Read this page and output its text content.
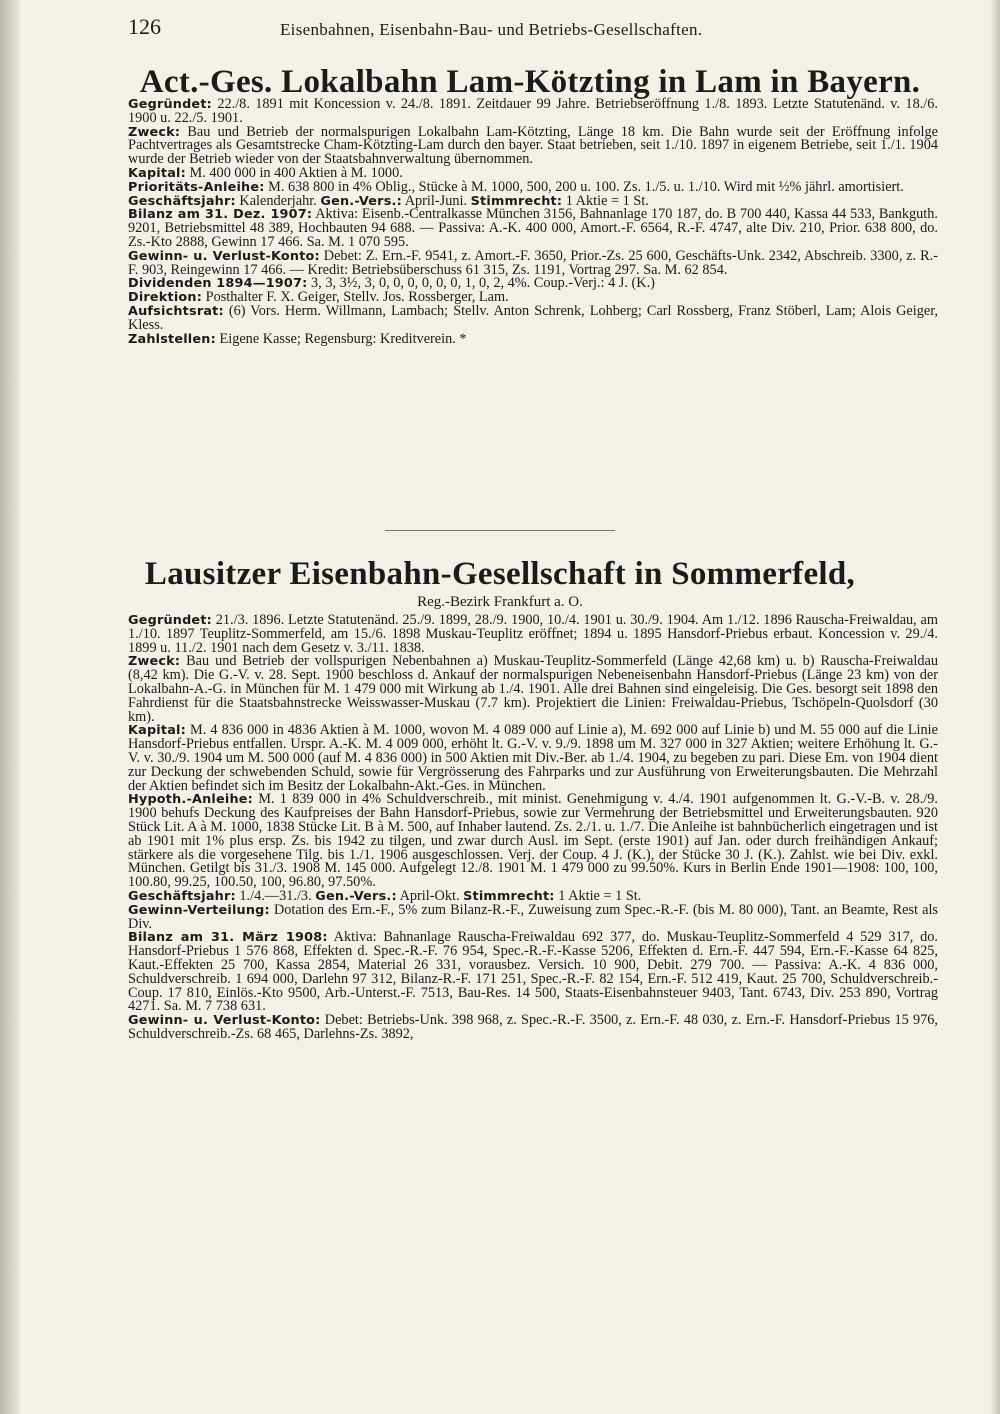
126	Eisenbahnen, Eisenbahn-Bau- und Betriebs-Gesellschaften.
Act.-Ges. Lokalbahn Lam-Kötzting in Lam in Bayern.
Gegründet: 22./8. 1891 mit Koncession v. 24./8. 1891. Zeitdauer 99 Jahre. Betriebseröffnung 1./8. 1893. Letzte Statutenänd. v. 18./6. 1900 u. 22./5. 1901.
Zweck: Bau und Betrieb der normalspurigen Lokalbahn Lam-Kötzting, Länge 18 km. Die Bahn wurde seit der Eröffnung infolge Pachtvertrages als Gesamtstrecke Cham-Kötzting-Lam durch den bayer. Staat betrieben, seit 1./10. 1897 in eigenem Betriebe, seit 1./1. 1904 wurde der Betrieb wieder von der Staatsbahnverwaltung übernommen.
Kapital: M. 400 000 in 400 Aktien à M. 1000.
Prioritäts-Anleihe: M. 638 800 in 4% Oblig., Stücke à M. 1000, 500, 200 u. 100. Zs. 1./5. u. 1./10. Wird mit ½% jährl. amortisiert.
Geschäftsjahr: Kalenderjahr. Gen.-Vers.: April-Juni. Stimmrecht: 1 Aktie = 1 St.
Bilanz am 31. Dez. 1907: Aktiva: Eisenb.-Centralkasse München 3156, Bahnanlage 170 187, do. B 700 440, Kassa 44 533, Bankguth. 9201, Betriebsmittel 48 389, Hochbauten 94 688. — Passiva: A.-K. 400 000, Amort.-F. 6564, R.-F. 4747, alte Div. 210, Prior. 638 800, do. Zs.-Kto 2888, Gewinn 17 466. Sa. M. 1 070 595.
Gewinn- u. Verlust-Konto: Debet: Z. Ern.-F. 9541, z. Amort.-F. 3650, Prior.-Zs. 25 600, Geschäfts-Unk. 2342, Abschreib. 3300, z. R.-F. 903, Reingewinn 17 466. — Kredit: Betriebsüberschuss 61 315, Zs. 1191, Vortrag 297. Sa. M. 62 854.
Dividenden 1894—1907: 3, 3, 3½, 3, 0, 0, 0, 0, 0, 0, 1, 0, 2, 4%. Coup.-Verj.: 4 J. (K.)
Direktion: Posthalter F. X. Geiger, Stellv. Jos. Rossberger, Lam.
Aufsichtsrat: (6) Vors. Herm. Willmann, Lambach; Stellv. Anton Schrenk, Lohberg; Carl Rossberg, Franz Stöberl, Lam; Alois Geiger, Kless.
Zahlstellen: Eigene Kasse; Regensburg: Kreditverein. *
Lausitzer Eisenbahn-Gesellschaft in Sommerfeld,
Reg.-Bezirk Frankfurt a. O.
Gegründet: 21./3. 1896. Letzte Statutenänd. 25./9. 1899, 28./9. 1900, 10./4. 1901 u. 30./9. 1904. Am 1./12. 1896 Rauscha-Freiwaldau, am 1./10. 1897 Teuplitz-Sommerfeld, am 15./6. 1898 Muskau-Teuplitz eröffnet; 1894 u. 1895 Hansdorf-Priebus erbaut. Koncession v. 29./4. 1899 u. 11./2. 1901 nach dem Gesetz v. 3./11. 1838.
Zweck: Bau und Betrieb der vollspurigen Nebenbahnen a) Muskau-Teuplitz-Sommerfeld (Länge 42,68 km) u. b) Rauscha-Freiwaldau (8,42 km). Die G.-V. v. 28. Sept. 1900 beschloss d. Ankauf der normalspurigen Nebeneisenbahn Hansdorf-Priebus (Länge 23 km) von der Lokalbahn-A.-G. in München für M. 1 479 000 mit Wirkung ab 1./4. 1901. Alle drei Bahnen sind eingeleisig. Die Ges. besorgt seit 1898 den Fahrdienst für die Staatsbahnstrecke Weisswasser-Muskau (7.7 km). Projektiert die Linien: Freiwaldau-Priebus, Tschöpeln-Quolsdorf (30 km).
Kapital: M. 4 836 000 in 4836 Aktien à M. 1000, wovon M. 4 089 000 auf Linie a), M. 692 000 auf Linie b) und M. 55 000 auf die Linie Hansdorf-Priebus entfallen. Urspr. A.-K. M. 4 009 000, erhöht lt. G.-V. v. 9./9. 1898 um M. 327 000 in 327 Aktien; weitere Erhöhung lt. G.-V. v. 30./9. 1904 um M. 500 000 (auf M. 4 836 000) in 500 Aktien mit Div.-Ber. ab 1./4. 1904, zu begeben zu pari. Diese Em. von 1904 dient zur Deckung der schwebenden Schuld, sowie für Vergrösserung des Fahrparks und zur Ausführung von Erweiterungsbauten. Die Mehrzahl der Aktien befindet sich im Besitz der Lokalbahn-Akt.-Ges. in München.
Hypoth.-Anleihe: M. 1 839 000 in 4% Schuldverschreib., mit minist. Genehmigung v. 4./4. 1901 aufgenommen lt. G.-V.-B. v. 28./9. 1900 behufs Deckung des Kaufpreises der Bahn Hansdorf-Priebus, sowie zur Vermehrung der Betriebsmittel und Erweiterungsbauten. 920 Stück Lit. A à M. 1000, 1838 Stücke Lit. B à M. 500, auf Inhaber lautend. Zs. 2./1. u. 1./7. Die Anleihe ist bahnbücherlich eingetragen und ist ab 1901 mit 1% plus ersp. Zs. bis 1942 zu tilgen, und zwar durch Ausl. im Sept. (erste 1901) auf Jan. oder durch freihändigen Ankauf; stärkere als die vorgesehene Tilg. bis 1./1. 1906 ausgeschlossen. Verj. der Coup. 4 J. (K.), der Stücke 30 J. (K.). Zahlst. wie bei Div. exkl. München. Getilgt bis 31./3. 1908 M. 145 000. Aufgelegt 12./8. 1901 M. 1 479 000 zu 99.50%. Kurs in Berlin Ende 1901—1908: 100, 100, 100.80, 99.25, 100.50, 100, 96.80, 97.50%.
Geschäftsjahr: 1./4.—31./3. Gen.-Vers.: April-Okt. Stimmrecht: 1 Aktie = 1 St.
Gewinn-Verteilung: Dotation des Ern.-F., 5% zum Bilanz-R.-F., Zuweisung zum Spec.-R.-F. (bis M. 80 000), Tant. an Beamte, Rest als Div.
Bilanz am 31. März 1908: Aktiva: Bahnanlage Rauscha-Freiwaldau 692 377, do. Muskau-Teuplitz-Sommerfeld 4 529 317, do. Hansdorf-Priebus 1 576 868, Effekten d. Spec.-R.-F. 76 954, Spec.-R.-F.-Kasse 5206, Effekten d. Ern.-F. 447 594, Ern.-F.-Kasse 64 825, Kaut.-Effekten 25 700, Kassa 2854, Material 26 331, vorausbez. Versich. 10 900, Debit. 279 700. — Passiva: A.-K. 4 836 000, Schuldverschreib. 1 694 000, Darlehn 97 312, Bilanz-R.-F. 171 251, Spec.-R.-F. 82 154, Ern.-F. 512 419, Kaut. 25 700, Schuldverschreib.-Coup. 17 810, Einlös.-Kto 9500, Arb.-Unterst.-F. 7513, Bau-Res. 14 500, Staats-Eisenbahnsteuer 9403, Tant. 6743, Div. 253 890, Vortrag 4271. Sa. M. 7 738 631.
Gewinn- u. Verlust-Konto: Debet: Betriebs-Unk. 398 968, z. Spec.-R.-F. 3500, z. Ern.-F. 48 030, z. Ern.-F. Hansdorf-Priebus 15 976, Schuldverschreib.-Zs. 68 465, Darlehns-Zs. 3892,
